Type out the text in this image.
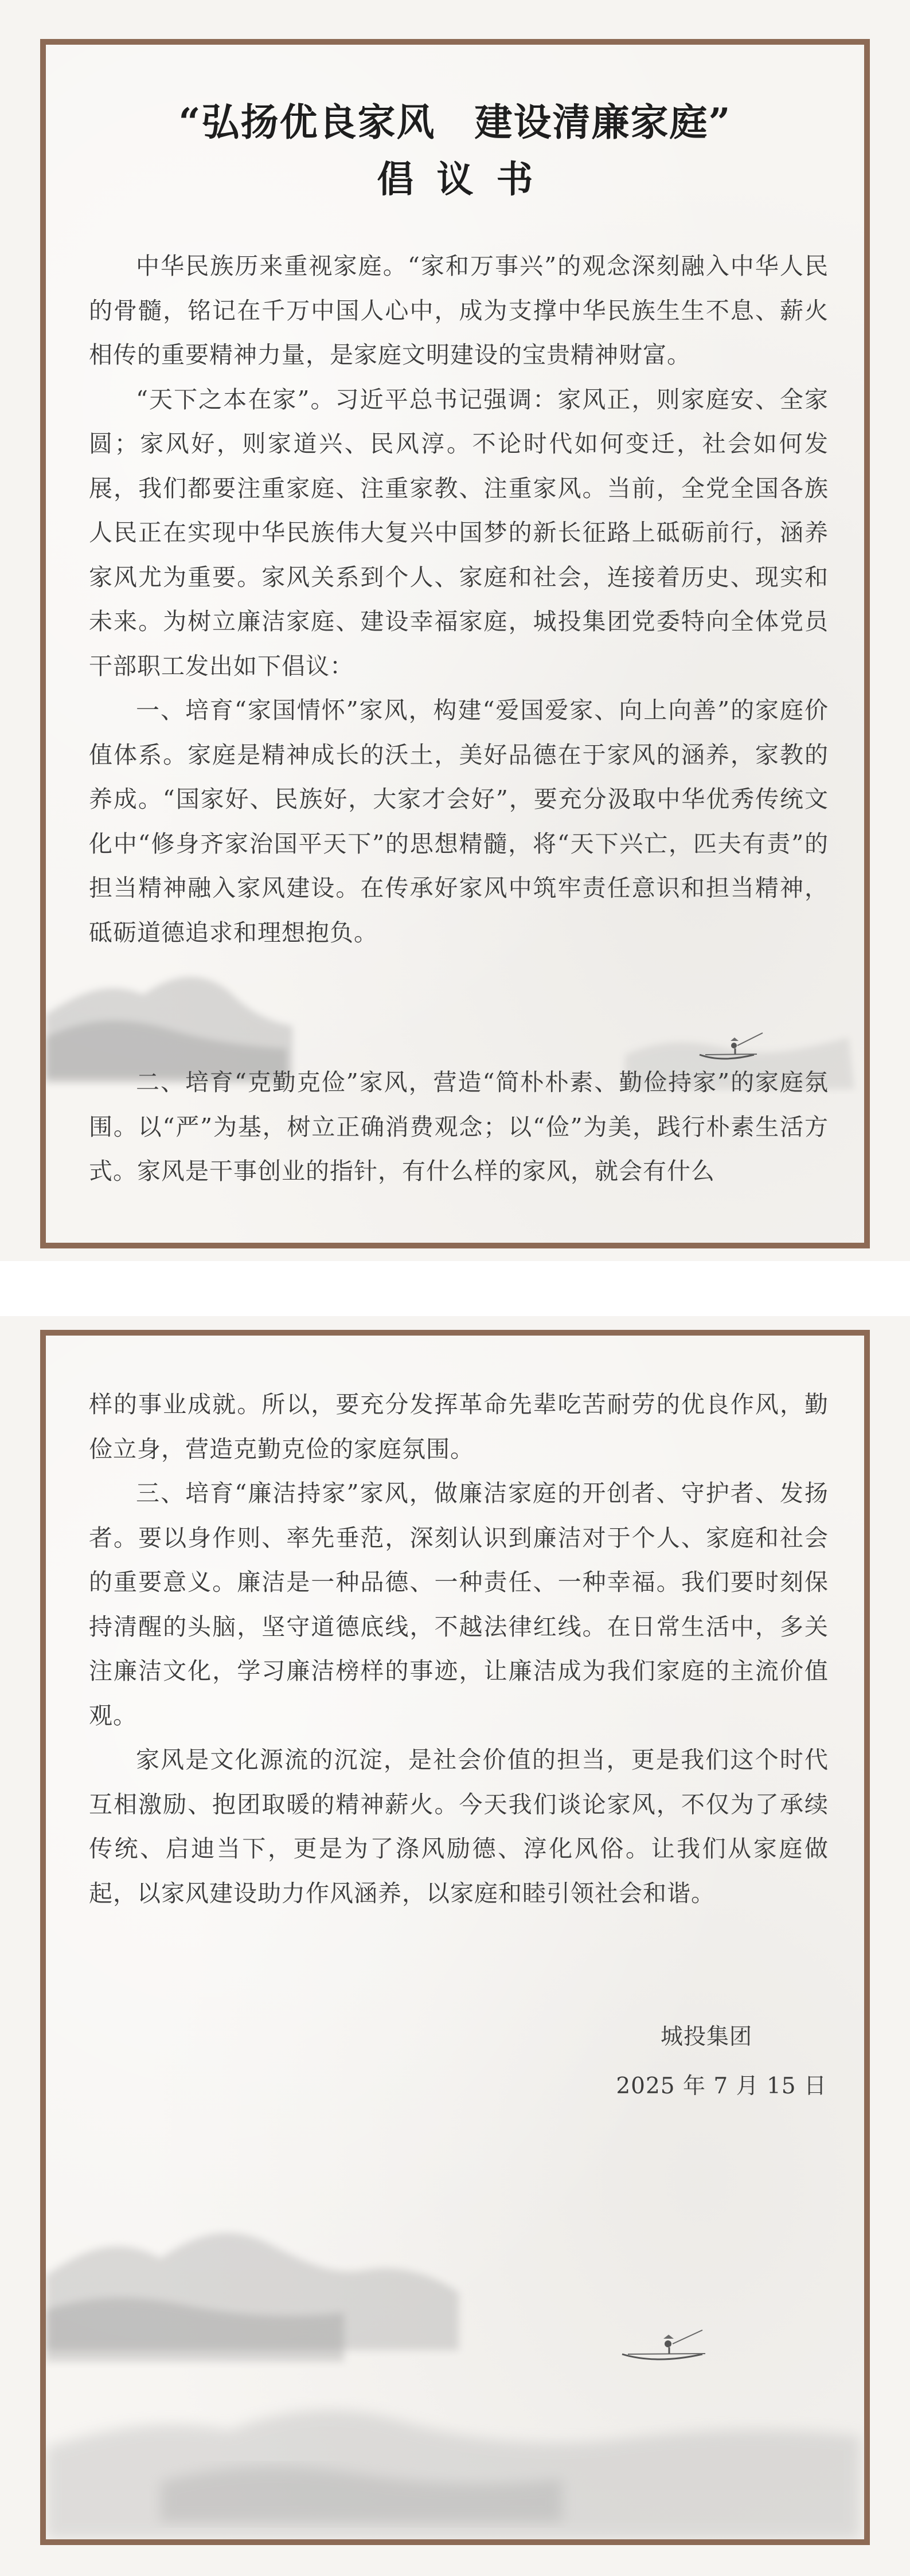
“弘扬优良家风　建设清廉家庭”
倡议书

中华民族历来重视家庭。“家和万事兴”的观念深刻融入中华人民的骨髓，铭记在千万中国人心中，成为支撑中华民族生生不息、薪火相传的重要精神力量，是家庭文明建设的宝贵精神财富。

“天下之本在家”。习近平总书记强调：家风正，则家庭安、全家圆；家风好，则家道兴、民风淳。不论时代如何变迁，社会如何发展，我们都要注重家庭、注重家教、注重家风。当前，全党全国各族人民正在实现中华民族伟大复兴中国梦的新长征路上砥砺前行，涵养家风尤为重要。家风关系到个人、家庭和社会，连接着历史、现实和未来。为树立廉洁家庭、建设幸福家庭，城投集团党委特向全体党员干部职工发出如下倡议：

一、培育“家国情怀”家风，构建“爱国爱家、向上向善”的家庭价值体系。家庭是精神成长的沃土，美好品德在于家风的涵养，家教的养成。“国家好、民族好，大家才会好”，要充分汲取中华优秀传统文化中“修身齐家治国平天下”的思想精髓，将“天下兴亡，匹夫有责”的担当精神融入家风建设。在传承好家风中筑牢责任意识和担当精神，砥砺道德追求和理想抱负。

二、培育“克勤克俭”家风，营造“简朴朴素、勤俭持家”的家庭氛围。以“严”为基，树立正确消费观念；以“俭”为美，践行朴素生活方式。家风是干事创业的指针，有什么样的家风，就会有什么

样的事业成就。所以，要充分发挥革命先辈吃苦耐劳的优良作风，勤俭立身，营造克勤克俭的家庭氛围。

三、培育“廉洁持家”家风，做廉洁家庭的开创者、守护者、发扬者。要以身作则、率先垂范，深刻认识到廉洁对于个人、家庭和社会的重要意义。廉洁是一种品德、一种责任、一种幸福。我们要时刻保持清醒的头脑，坚守道德底线，不越法律红线。在日常生活中，多关注廉洁文化，学习廉洁榜样的事迹，让廉洁成为我们家庭的主流价值观。

家风是文化源流的沉淀，是社会价值的担当，更是我们这个时代互相激励、抱团取暖的精神薪火。今天我们谈论家风，不仅为了承续传统、启迪当下，更是为了涤风励德、淳化风俗。让我们从家庭做起，以家风建设助力作风涵养，以家庭和睦引领社会和谐。

城投集团
2025 年 7 月 15 日
